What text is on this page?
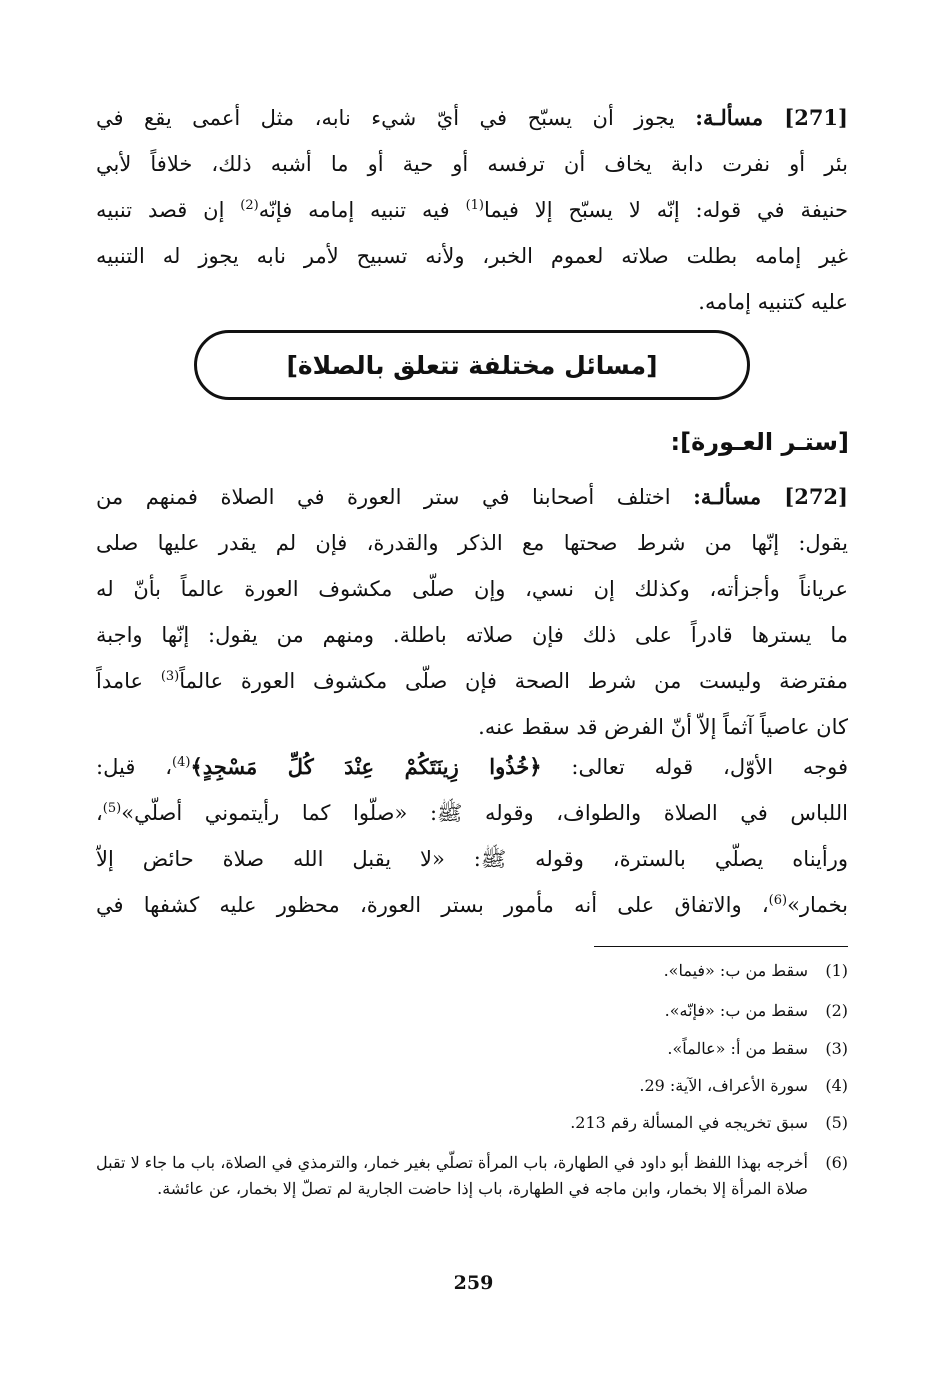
[271] مسألـة: يجوز أن يسبّح في أيّ شيء نابه، مثل أعمى يقع في
بئر أو نفرت دابة يخاف أن ترفسه أو حية أو ما أشبه ذلك، خلافاً لأبي
حنيفة في قوله: إنّه لا يسبّح إلا فيما$^{(1)}$ فيه تنبيه إمامه فإنّه$^{(2)}$ إن قصد تنبيه
غير إمامه بطلت صلاته لعموم الخبر، ولأنه تسبيح لأمر نابه يجوز له التنبيه
عليه كتنبيه إمامه.
[مسائل مختلفة تتعلق بالصلاة]
[ستـر العـورة]:
[272] مسألـة: اختلف أصحابنا في ستر العورة في الصلاة فمنهم من
يقول: إنّها من شرط صحتها مع الذكر والقدرة، فإن لم يقدر عليها صلى
عرياناً وأجزأته، وكذلك إن نسي، وإن صلّى مكشوف العورة عالماً بأنّ له
ما يسترها قادراً على ذلك فإن صلاته باطلة. ومنهم من يقول: إنّها واجبة
مفترضة وليست من شرط الصحة فإن صلّى مكشوف العورة عالماً$^{(3)}$ عامداً
كان عاصياً آثماً إلاّ أنّ الفرض قد سقط عنه.
فوجه الأوّل، قوله تعالى: ﴿خُذُوا زِينَتَكُمْ عِنْدَ كُلِّ مَسْجِدٍ﴾$^{(4)}$، قيل:
اللباس في الصلاة والطواف، وقوله ﷺ: «صلّوا كما رأيتموني أصلّي»$^{(5)}$،
ورأيناه يصلّي بالسترة، وقوله ﷺ: «لا يقبل الله صلاة حائض إلاّ
بخمار»$^{(6)}$، والاتفاق على أنه مأمور بستر العورة، محظور عليه كشفها في
(1)
سقط من ب: «فيما».
(2)
سقط من ب: «فإنّه».
(3)
سقط من أ: «عالماً».
(4)
سورة الأعراف، الآية: 29.
(5)
سبق تخريجه في المسألة رقم 213.
(6)
أخرجه بهذا اللفظ أبو داود في الطهارة، باب المرأة تصلّي بغير خمار، والترمذي في الصلاة، باب ما جاء لا تقبل صلاة المرأة إلا بخمار، وابن ماجه في الطهارة، باب إذا حاضت الجارية لم تصلّ إلا بخمار، عن عائشة.
259
